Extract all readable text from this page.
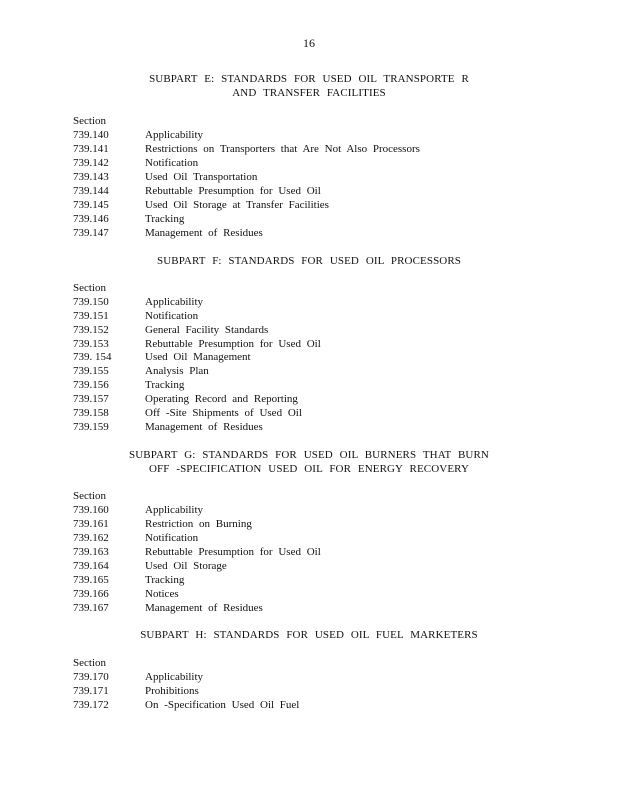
16
SUBPART E: STANDARDS FOR USED OIL TRANSPORTE R
AND TRANSFER FACILITIES
Section
739.140	Applicability
739.141	Restrictions on Transporters that Are Not Also Processors
739.142	Notification
739.143	Used Oil Transportation
739.144	Rebuttable Presumption for Used Oil
739.145	Used Oil Storage at Transfer Facilities
739.146	Tracking
739.147	Management of Residues
SUBPART F: STANDARDS FOR USED OIL PROCESSORS
Section
739.150	Applicability
739.151	Notification
739.152	General Facility Standards
739.153	Rebuttable Presumption for Used Oil
739. 154	Used Oil Management
739.155	Analysis Plan
739.156	Tracking
739.157	Operating Record and Reporting
739.158	Off -Site Shipments of Used Oil
739.159	Management of Residues
SUBPART G: STANDARDS FOR USED OIL BURNERS THAT BURN
OFF -SPECIFICATION USED OIL FOR ENERGY RECOVERY
Section
739.160	Applicability
739.161	Restriction on Burning
739.162	Notification
739.163	Rebuttable Presumption for Used Oil
739.164	Used Oil Storage
739.165	Tracking
739.166	Notices
739.167	Management of Residues
SUBPART H: STANDARDS FOR USED OIL FUEL MARKETERS
Section
739.170	Applicability
739.171	Prohibitions
739.172	On -Specification Used Oil Fuel
